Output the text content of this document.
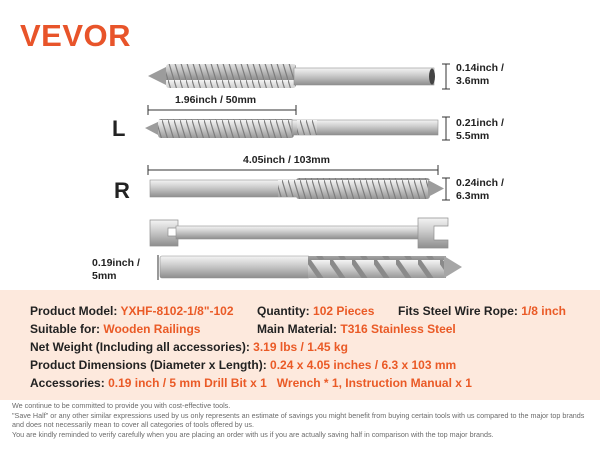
VEVOR
0.14inch /
3.6mm
L
1.96inch / 50mm
0.21inch /
5.5mm
R
4.05inch / 103mm
0.24inch /
6.3mm
0.19inch /
5mm
Product Model: YXHF-8102-1/8"-102 Quantity: 102 Pieces Fits Steel Wire Rope: 1/8 inch
Suitable for: Wooden Railings	Main Material: T316 Stainless Steel
Net Weight (Including all accessories): 3.19 lbs / 1.45 kg
Product Dimensions (Diameter x Length): 0.24 x 4.05 inches / 6.3 x 103 mm
Accessories: 0.19 inch / 5 mm Drill Bit x 1   Wrench * 1, Instruction Manual x 1
We continue to be committed to provide you with cost-effective tools.
"Save Half" or any other similar expressions used by us only represents an estimate of savings you might benefit from buying certain tools with us compared to the major top brands and does not necessarily mean to cover all categories of tools offered by us.
You are kindly reminded to verify carefully when you are placing an order with us if you are actually saving half in comparison with the top major brands.
